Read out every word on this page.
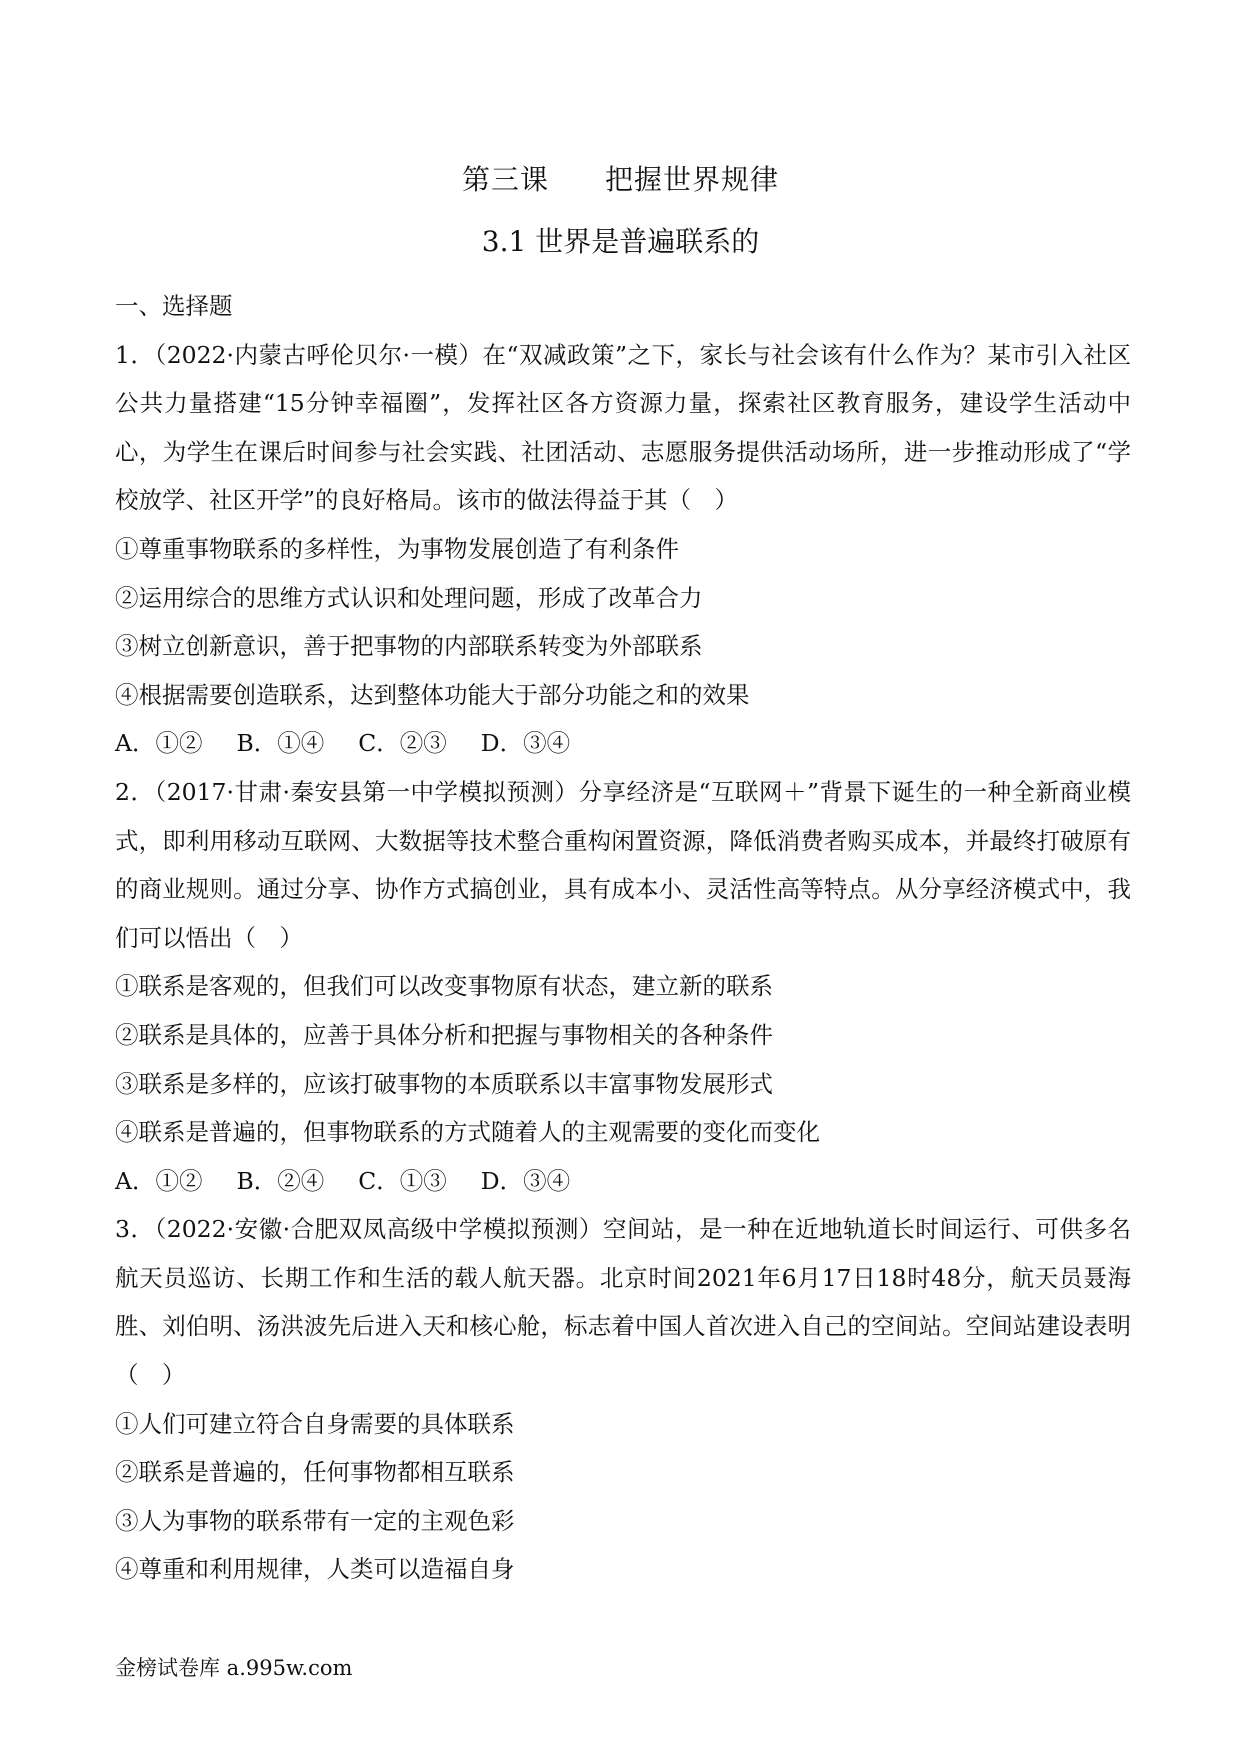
第三课 把握世界规律
3.1 世界是普遍联系的

一、选择题

1．（2022·内蒙古呼伦贝尔·一模）在“双减政策”之下，家长与社会该有什么作为？某市引入社区公共力量搭建“15分钟幸福圈”，发挥社区各方资源力量，探索社区教育服务，建设学生活动中心，为学生在课后时间参与社会实践、社团活动、志愿服务提供活动场所，进一步推动形成了“学校放学、社区开学”的良好格局。该市的做法得益于其（　）

①尊重事物联系的多样性，为事物发展创造了有利条件

②运用综合的思维方式认识和处理问题，形成了改革合力

③树立创新意识，善于把事物的内部联系转变为外部联系

④根据需要创造联系，达到整体功能大于部分功能之和的效果

A．①② B．①④ C．②③ D．③④

2．（2017·甘肃·秦安县第一中学模拟预测）分享经济是“互联网＋”背景下诞生的一种全新商业模式，即利用移动互联网、大数据等技术整合重构闲置资源，降低消费者购买成本，并最终打破原有的商业规则。通过分享、协作方式搞创业，具有成本小、灵活性高等特点。从分享经济模式中，我们可以悟出（　）

①联系是客观的，但我们可以改变事物原有状态，建立新的联系

②联系是具体的，应善于具体分析和把握与事物相关的各种条件

③联系是多样的，应该打破事物的本质联系以丰富事物发展形式

④联系是普遍的，但事物联系的方式随着人的主观需要的变化而变化

A．①② B．②④ C．①③ D．③④

3．（2022·安徽·合肥双凤高级中学模拟预测）空间站，是一种在近地轨道长时间运行、可供多名航天员巡访、长期工作和生活的载人航天器。北京时间2021年6月17日18时48分，航天员聂海胜、刘伯明、汤洪波先后进入天和核心舱，标志着中国人首次进入自己的空间站。空间站建设表明（　）

①人们可建立符合自身需要的具体联系

②联系是普遍的，任何事物都相互联系

③人为事物的联系带有一定的主观色彩

④尊重和利用规律，人类可以造福自身

金榜试卷库 a.995w.com
